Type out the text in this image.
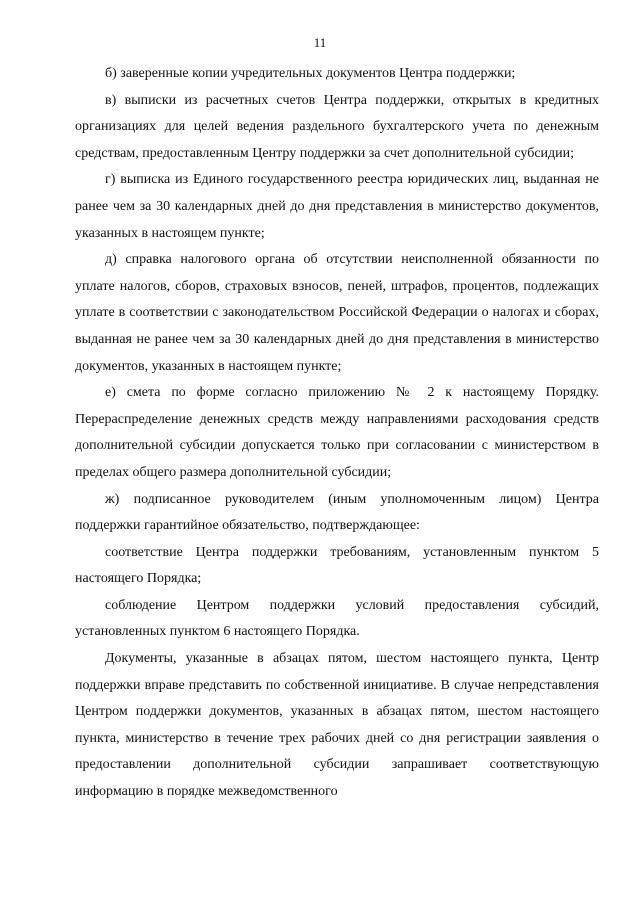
11

б) заверенные копии учредительных документов Центра поддержки;

в) выписки из расчетных счетов Центра поддержки, открытых в кредитных организациях для целей ведения раздельного бухгалтерского учета по денежным средствам, предоставленным Центру поддержки за счет дополнительной субсидии;

г) выписка из Единого государственного реестра юридических лиц, выданная не ранее чем за 30 календарных дней до дня представления в министерство документов, указанных в настоящем пункте;

д) справка налогового органа об отсутствии неисполненной обязанности по уплате налогов, сборов, страховых взносов, пеней, штрафов, процентов, подлежащих уплате в соответствии с законодательством Российской Федерации о налогах и сборах, выданная не ранее чем за 30 календарных дней до дня представления в министерство документов, указанных в настоящем пункте;

е) смета по форме согласно приложению № 2 к настоящему Порядку. Перераспределение денежных средств между направлениями расходования средств дополнительной субсидии допускается только при согласовании с министерством в пределах общего размера дополнительной субсидии;

ж) подписанное руководителем (иным уполномоченным лицом) Центра поддержки гарантийное обязательство, подтверждающее:

соответствие Центра поддержки требованиям, установленным пунктом 5 настоящего Порядка;

соблюдение Центром поддержки условий предоставления субсидий, установленных пунктом 6 настоящего Порядка.

Документы, указанные в абзацах пятом, шестом настоящего пункта, Центр поддержки вправе представить по собственной инициативе. В случае непредставления Центром поддержки документов, указанных в абзацах пятом, шестом настоящего пункта, министерство в течение трех рабочих дней со дня регистрации заявления о предоставлении дополнительной субсидии запрашивает соответствующую информацию в порядке межведомственного
